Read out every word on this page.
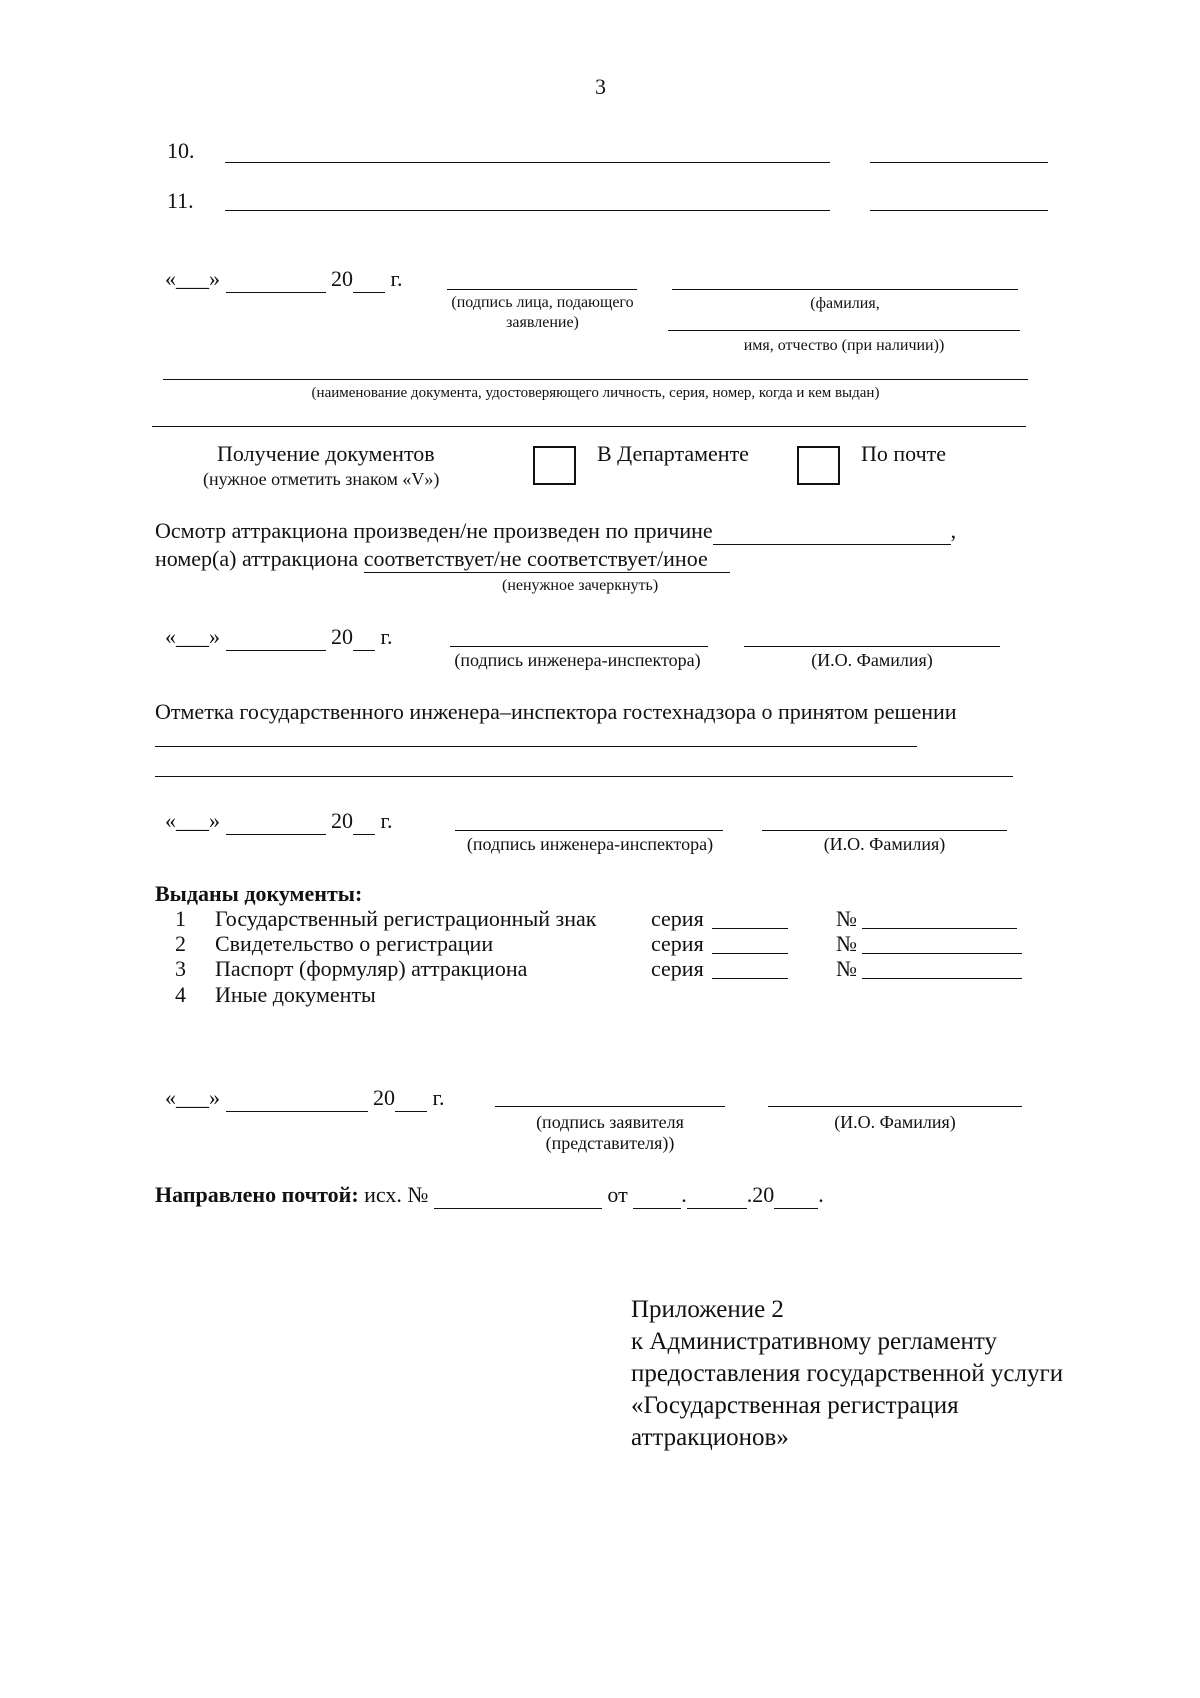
3
10.
11.
«___»	20 г.
(подпись лица, подающего
заявление)
(фамилия,
имя, отчество (при наличии))
(наименование документа, удостоверяющего личность, серия, номер, когда и кем выдан)
Получение документов
(нужное отметить знаком «V»)
В Департаменте	По почте
Осмотр аттракциона произведен/не произведен по причине	,
номер(а) аттракциона соответствует/не соответствует/иное
(ненужное зачеркнуть)
«___»	20 г.
(подпись инженера-инспектора)	(И.О. Фамилия)
Отметка государственного инженера–инспектора гостехнадзора о принятом решении
«___»	20 г.
(подпись инженера-инспектора)	(И.О. Фамилия)
Выданы документы:
1 Государственный регистрационный знак серия	№
2 Свидетельство о регистрации	серия	№
3 Паспорт (формуляр) аттракциона	серия	№
4 Иные документы
«___»	20 г.
(подпись заявителя
(представителя))
(И.О. Фамилия)
Направлено почтой: исх. №	от .	.20 .
Приложение 2
к Административному регламенту
предоставления государственной услуги
«Государственная регистрация
аттракционов»
